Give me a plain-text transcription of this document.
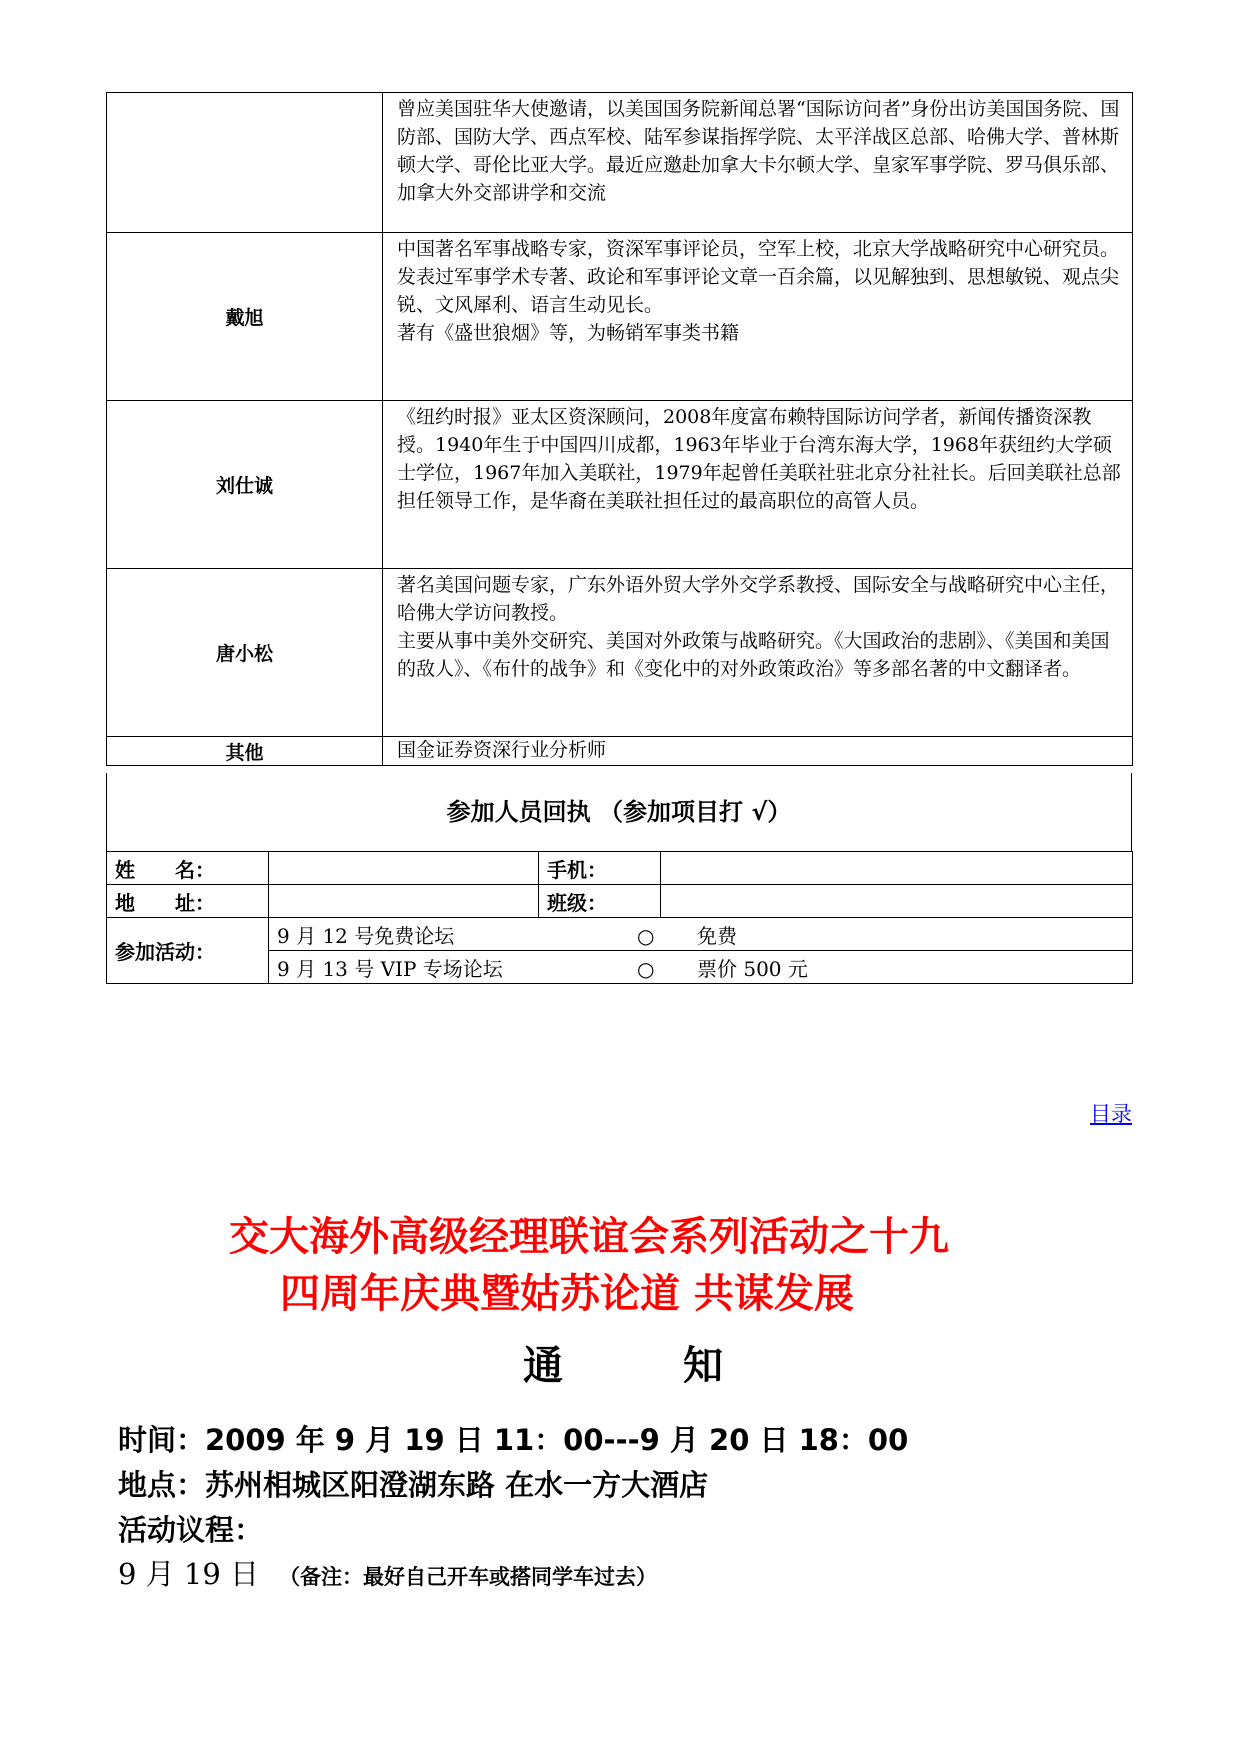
	曾应美国驻华大使邀请，以美国国务院新闻总署“国际访问者”身份出访美国国务院、国防部、国防大学、西点军校、陆军参谋指挥学院、太平洋战区总部、哈佛大学、普林斯顿大学、哥伦比亚大学。最近应邀赴加拿大卡尔顿大学、皇家军事学院、罗马俱乐部、加拿大外交部讲学和交流

戴旭	中国著名军事战略专家，资深军事评论员，空军上校，北京大学战略研究中心研究员。

发表过军事学术专著、政论和军事评论文章一百余篇，以见解独到、思想敏锐、观点尖锐、文风犀利、语言生动见长。

著有《盛世狼烟》等，为畅销军事类书籍

刘仕诚	《纽约时报》亚太区资深顾问，2008年度富布赖特国际访问学者，新闻传播资深教授。1940年生于中国四川成都，1963年毕业于台湾东海大学，1968年获纽约大学硕士学位，1967年加入美联社，1979年起曾任美联社驻北京分社社长。后回美联社总部担任领导工作，是华裔在美联社担任过的最高职位的高管人员。

唐小松	著名美国问题专家，广东外语外贸大学外交学系教授、国际安全与战略研究中心主任，哈佛大学访问教授。

主要从事中美外交研究、美国对外政策与战略研究。《大国政治的悲剧》、《美国和美国的敌人》、《布什的战争》和《变化中的对外政策政治》等多部名著的中文翻译者。

其他	国金证券资深行业分析师

参加人员回执 （参加项目打 √）
姓 名：		手机：	
地 址：		班级：	
参加活动：	9 月 12 号免费论坛 ○ 免费		
	9 月 13 号 VIP 专场论坛 ○ 票价 500 元		
目录
交大海外高级经理联谊会系列活动之十九
四周年庆典暨姑苏论道 共谋发展
通	知
时间：2009 年 9 月 19 日 11：00---9 月 20 日 18：00
地点：苏州相城区阳澄湖东路 在水一方大酒店
活动议程：
9 月 19 日 （备注：最好自己开车或搭同学车过去）
